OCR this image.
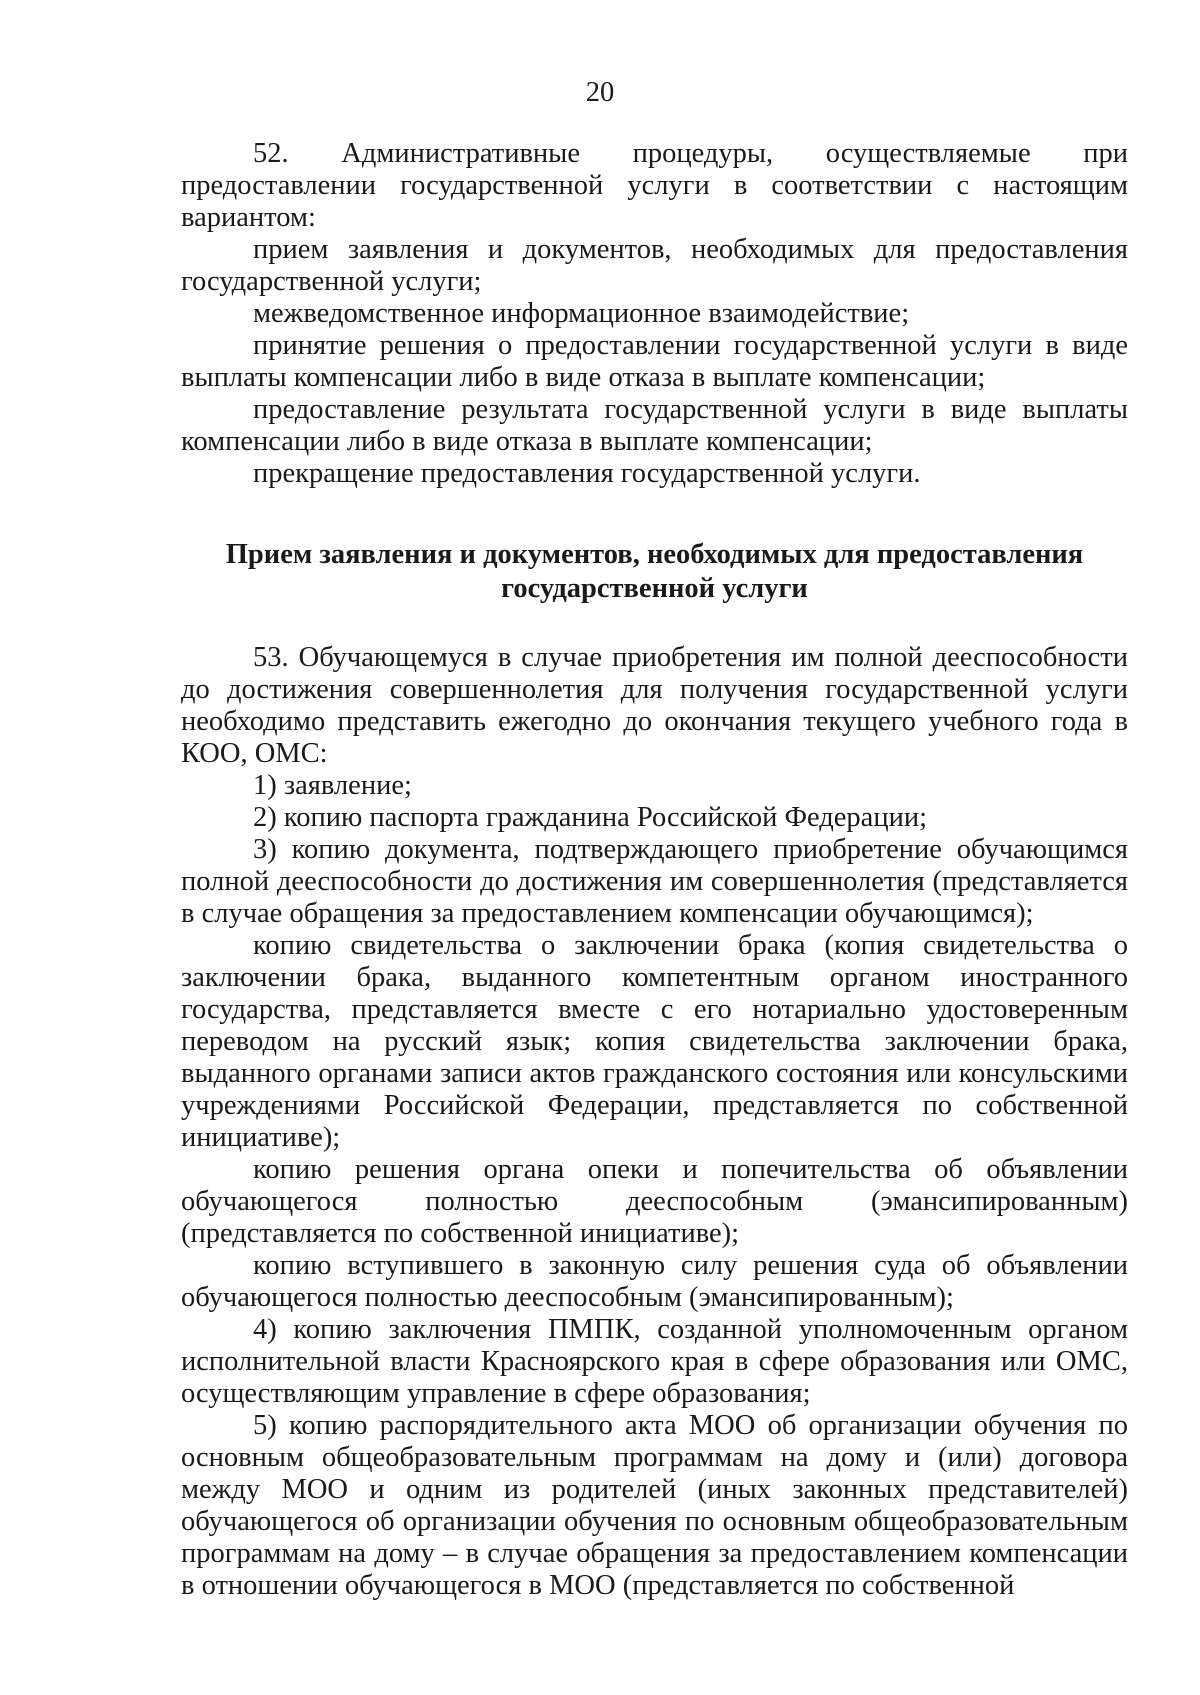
20

52. Административные процедуры, осуществляемые при предоставлении государственной услуги в соответствии с настоящим вариантом:

прием заявления и документов, необходимых для предоставления государственной услуги;

межведомственное информационное взаимодействие;

принятие решения о предоставлении государственной услуги в виде выплаты компенсации либо в виде отказа в выплате компенсации;

предоставление результата государственной услуги в виде выплаты компенсации либо в виде отказа в выплате компенсации;

прекращение предоставления государственной услуги.

Прием заявления и документов, необходимых для предоставления
государственной услуги

53. Обучающемуся в случае приобретения им полной дееспособности до достижения совершеннолетия для получения государственной услуги необходимо представить ежегодно до окончания текущего учебного года в КОО, ОМС:

1) заявление;

2) копию паспорта гражданина Российской Федерации;

3) копию документа, подтверждающего приобретение обучающимся полной дееспособности до достижения им совершеннолетия (представляется в случае обращения за предоставлением компенсации обучающимся);

копию свидетельства о заключении брака (копия свидетельства о заключении брака, выданного компетентным органом иностранного государства, представляется вместе с его нотариально удостоверенным переводом на русский язык; копия свидетельства заключении брака, выданного органами записи актов гражданского состояния или консульскими учреждениями Российской Федерации, представляется по собственной инициативе);

копию решения органа опеки и попечительства об объявлении обучающегося полностью дееспособным (эмансипированным) (представляется по собственной инициативе);

копию вступившего в законную силу решения суда об объявлении обучающегося полностью дееспособным (эмансипированным);

4) копию заключения ПМПК, созданной уполномоченным органом исполнительной власти Красноярского края в сфере образования или ОМС, осуществляющим управление в сфере образования;

5) копию распорядительного акта МОО об организации обучения по основным общеобразовательным программам на дому и (или) договора между МОО и одним из родителей (иных законных представителей) обучающегося об организации обучения по основным общеобразовательным программам на дому – в случае обращения за предоставлением компенсации в отношении обучающегося в МОО (представляется по собственной
